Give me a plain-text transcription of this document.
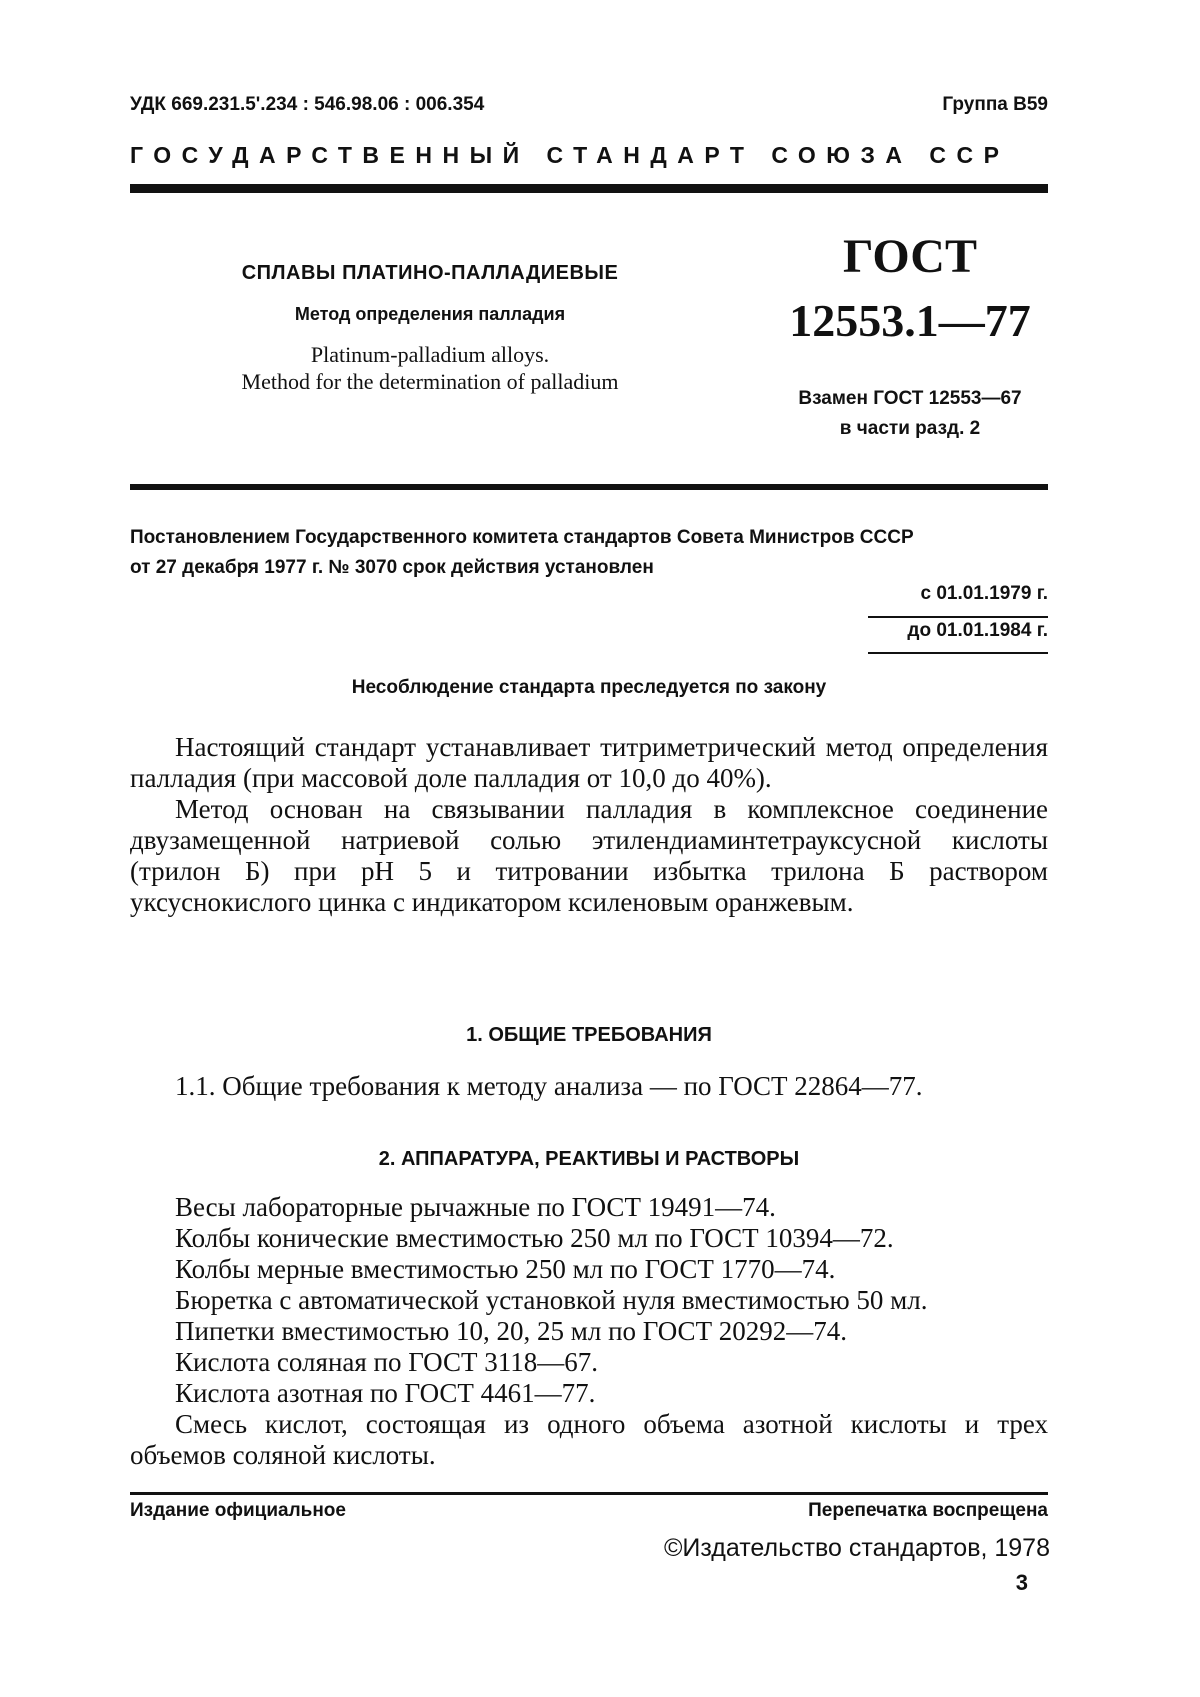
УДК 669.231.5'.234 : 546.98.06 : 006.354	Группа В59
ГОСУДАРСТВЕННЫЙ СТАНДАРТ СОЮЗА ССР
СПЛАВЫ ПЛАТИНО-ПАЛЛАДИЕВЫЕ
Метод определения палладия
Platinum-palladium alloys.
Method for the determination of palladium
ГОСТ
12553.1—77
Взамен ГОСТ 12553—67
в части разд. 2
Постановлением Государственного комитета стандартов Совета Министров СССР
от 27 декабря 1977 г. № 3070 срок действия установлен
с 01.01.1979 г.
до 01.01.1984 г.
Несоблюдение стандарта преследуется по закону

Настоящий стандарт устанавливает титриметрический метод определения палладия (при массовой доле палладия от 10,0 до 40%).

Метод основан на связывании палладия в комплексное соединение двузамещенной натриевой солью этилендиаминтетрауксусной кислоты (трилон Б) при pH 5 и титровании избытка трилона Б раствором уксуснокислого цинка с индикатором ксиленовым оранжевым.

1. ОБЩИЕ ТРЕБОВАНИЯ
1.1. Общие требования к методу анализа — по ГОСТ 22864—77.
2. АППАРАТУРА, РЕАКТИВЫ И РАСТВОРЫ
Весы лабораторные рычажные по ГОСТ 19491—74.
Колбы конические вместимостью 250 мл по ГОСТ 10394—72.
Колбы мерные вместимостью 250 мл по ГОСТ 1770—74.
Бюретка с автоматической установкой нуля вместимостью 50 мл.
Пипетки вместимостью 10, 20, 25 мл по ГОСТ 20292—74.
Кислота соляная по ГОСТ 3118—67.
Кислота азотная по ГОСТ 4461—77.

Смесь кислот, состоящая из одного объема азотной кислоты и трех объемов соляной кислоты.

Издание официальное	Перепечатка воспрещена
©Издательство стандартов, 1978
3
